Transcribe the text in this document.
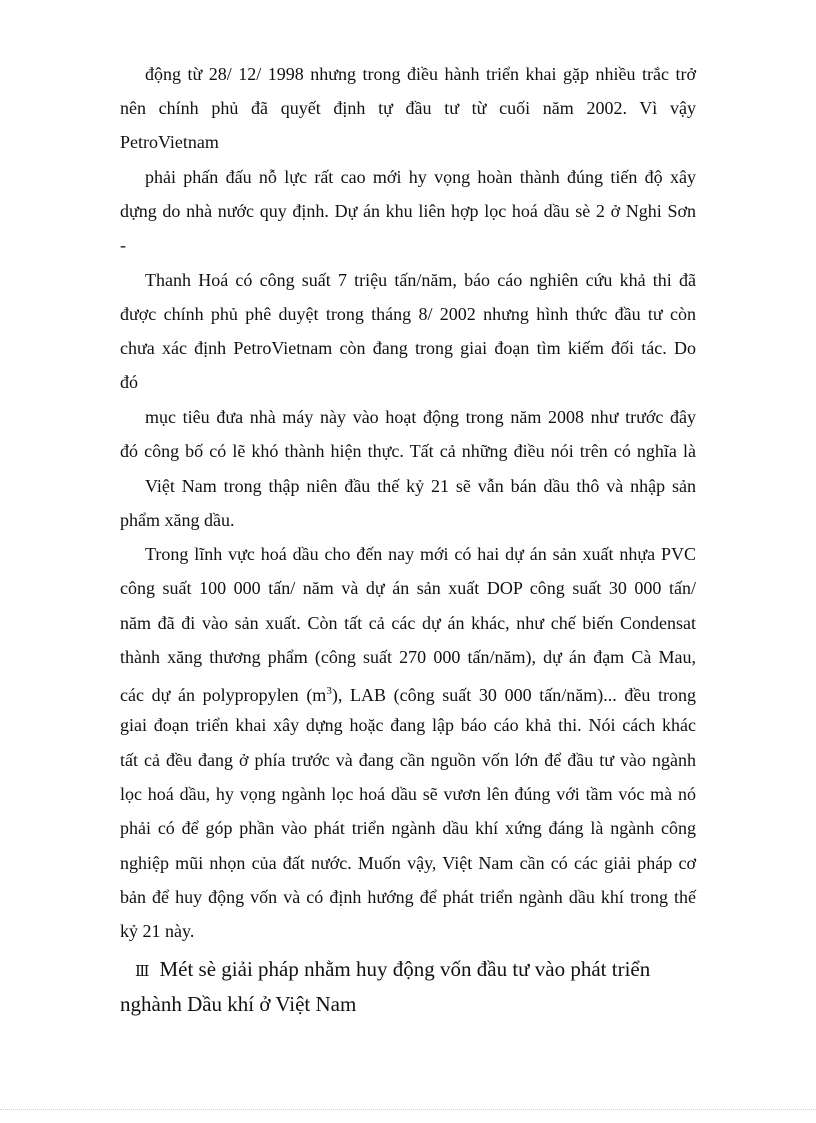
động từ 28/ 12/ 1998 nhưng trong điều hành triển khai gặp nhiều trắc trở
nên chính phủ đã quyết định tự đầu tư từ cuối năm 2002. Vì vậy
PetroVietnam
phải phấn đấu nỗ lực rất cao mới hy vọng hoàn thành đúng tiến độ xây
dựng do nhà nước quy định. Dự án khu liên hợp lọc hoá dầu sè 2 ở Nghi Sơn
-
Thanh Hoá có công suất 7 triệu tấn/năm, báo cáo nghiên cứu khả thi đã
được chính phủ phê duyệt trong tháng 8/ 2002 nhưng hình thức đầu tư còn
chưa xác định PetroVietnam còn đang trong giai đoạn tìm kiếm đối tác. Do
đó
mục tiêu đưa nhà máy này vào hoạt động trong năm 2008 như trước đây
đó công bố có lẽ khó thành hiện thực. Tất cả những điều nói trên có nghĩa là
Việt Nam trong thập niên đầu thế kỷ 21 sẽ vẫn bán dầu thô và nhập sản
phẩm xăng dầu.
Trong lĩnh vực hoá dầu cho đến nay mới có hai dự án sản xuất nhựa PVC
công suất 100 000 tấn/ năm và dự án sản xuất DOP công suất 30 000 tấn/
năm đã đi vào sản xuất. Còn tất cả các dự án khác, như chế biến Condensat
thành xăng thương phẩm (công suất 270 000 tấn/năm), dự án đạm Cà Mau,
các dự án polypropylen $(m^3)$, LAB (công suất 30 000 tấn/năm)... đều trong
giai đoạn triển khai xây dựng hoặc đang lập báo cáo khả thi. Nói cách khác
tất cả đều đang ở phía trước và đang cần nguồn vốn lớn để đầu tư vào ngành
lọc hoá dầu, hy vọng ngành lọc hoá dầu sẽ vươn lên đúng với tầm vóc mà nó
phải có để góp phần vào phát triển ngành dầu khí xứng đáng là ngành công
nghiệp mũi nhọn của đất nước. Muốn vậy, Việt Nam cần có các giải pháp cơ
bản để huy động vốn và có định hướng để phát triển ngành dầu khí trong thế
kỷ 21 này.
Ⅲ Mét sè giải pháp nhằm huy động vốn đầu tư vào phát triển
nghành Dầu khí ở Việt Nam
